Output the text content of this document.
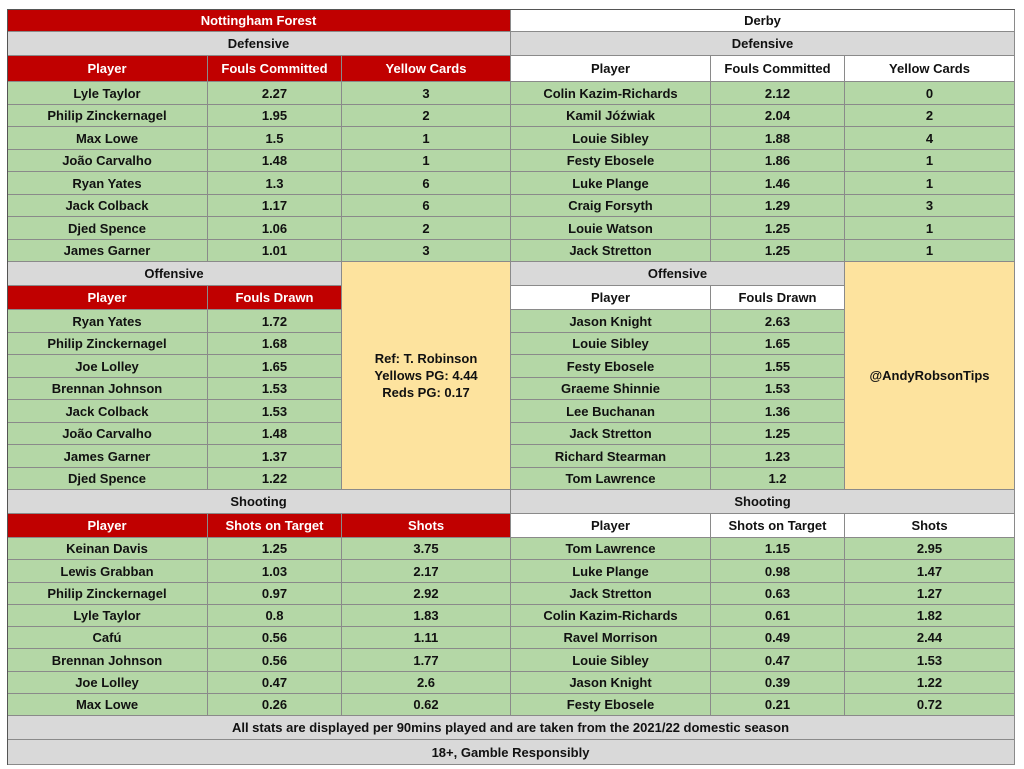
Nottingham Forest	Derby
Defensive	Defensive
Player	Fouls Committed	Yellow Cards	Player	Fouls Committed	Yellow Cards
Lyle Taylor	2.27	3	Colin Kazim-Richards	2.12	0
Philip Zinckernagel	1.95	2	Kamil Jóźwiak	2.04	2
Max Lowe	1.5	1	Louie Sibley	1.88	4
João Carvalho	1.48	1	Festy Ebosele	1.86	1
Ryan Yates	1.3	6	Luke Plange	1.46	1
Jack Colback	1.17	6	Craig Forsyth	1.29	3
Djed Spence	1.06	2	Louie Watson	1.25	1
James Garner	1.01	3	Jack Stretton	1.25	1
Offensive	Offensive
Player	Fouls Drawn	Player	Fouls Drawn
Ryan Yates	1.72	Jason Knight	2.63
Philip Zinckernagel	1.68	Louie Sibley	1.65
Joe Lolley	1.65	Festy Ebosele	1.55
Brennan Johnson	1.53	Graeme Shinnie	1.53
Jack Colback	1.53	Lee Buchanan	1.36
João Carvalho	1.48	Jack Stretton	1.25
James Garner	1.37	Richard Stearman	1.23
Djed Spence	1.22	Tom Lawrence	1.2
Ref: T. Robinson
Yellows PG: 4.44
Reds PG: 0.17
@AndyRobsonTips
Shooting	Shooting
Player	Shots on Target	Shots	Player	Shots on Target	Shots
Keinan Davis	1.25	3.75	Tom Lawrence	1.15	2.95
Lewis Grabban	1.03	2.17	Luke Plange	0.98	1.47
Philip Zinckernagel	0.97	2.92	Jack Stretton	0.63	1.27
Lyle Taylor	0.8	1.83	Colin Kazim-Richards	0.61	1.82
Cafú	0.56	1.11	Ravel Morrison	0.49	2.44
Brennan Johnson	0.56	1.77	Louie Sibley	0.47	1.53
Joe Lolley	0.47	2.6	Jason Knight	0.39	1.22
Max Lowe	0.26	0.62	Festy Ebosele	0.21	0.72
All stats are displayed per 90mins played and are taken from the 2021/22 domestic season
18+, Gamble Responsibly
